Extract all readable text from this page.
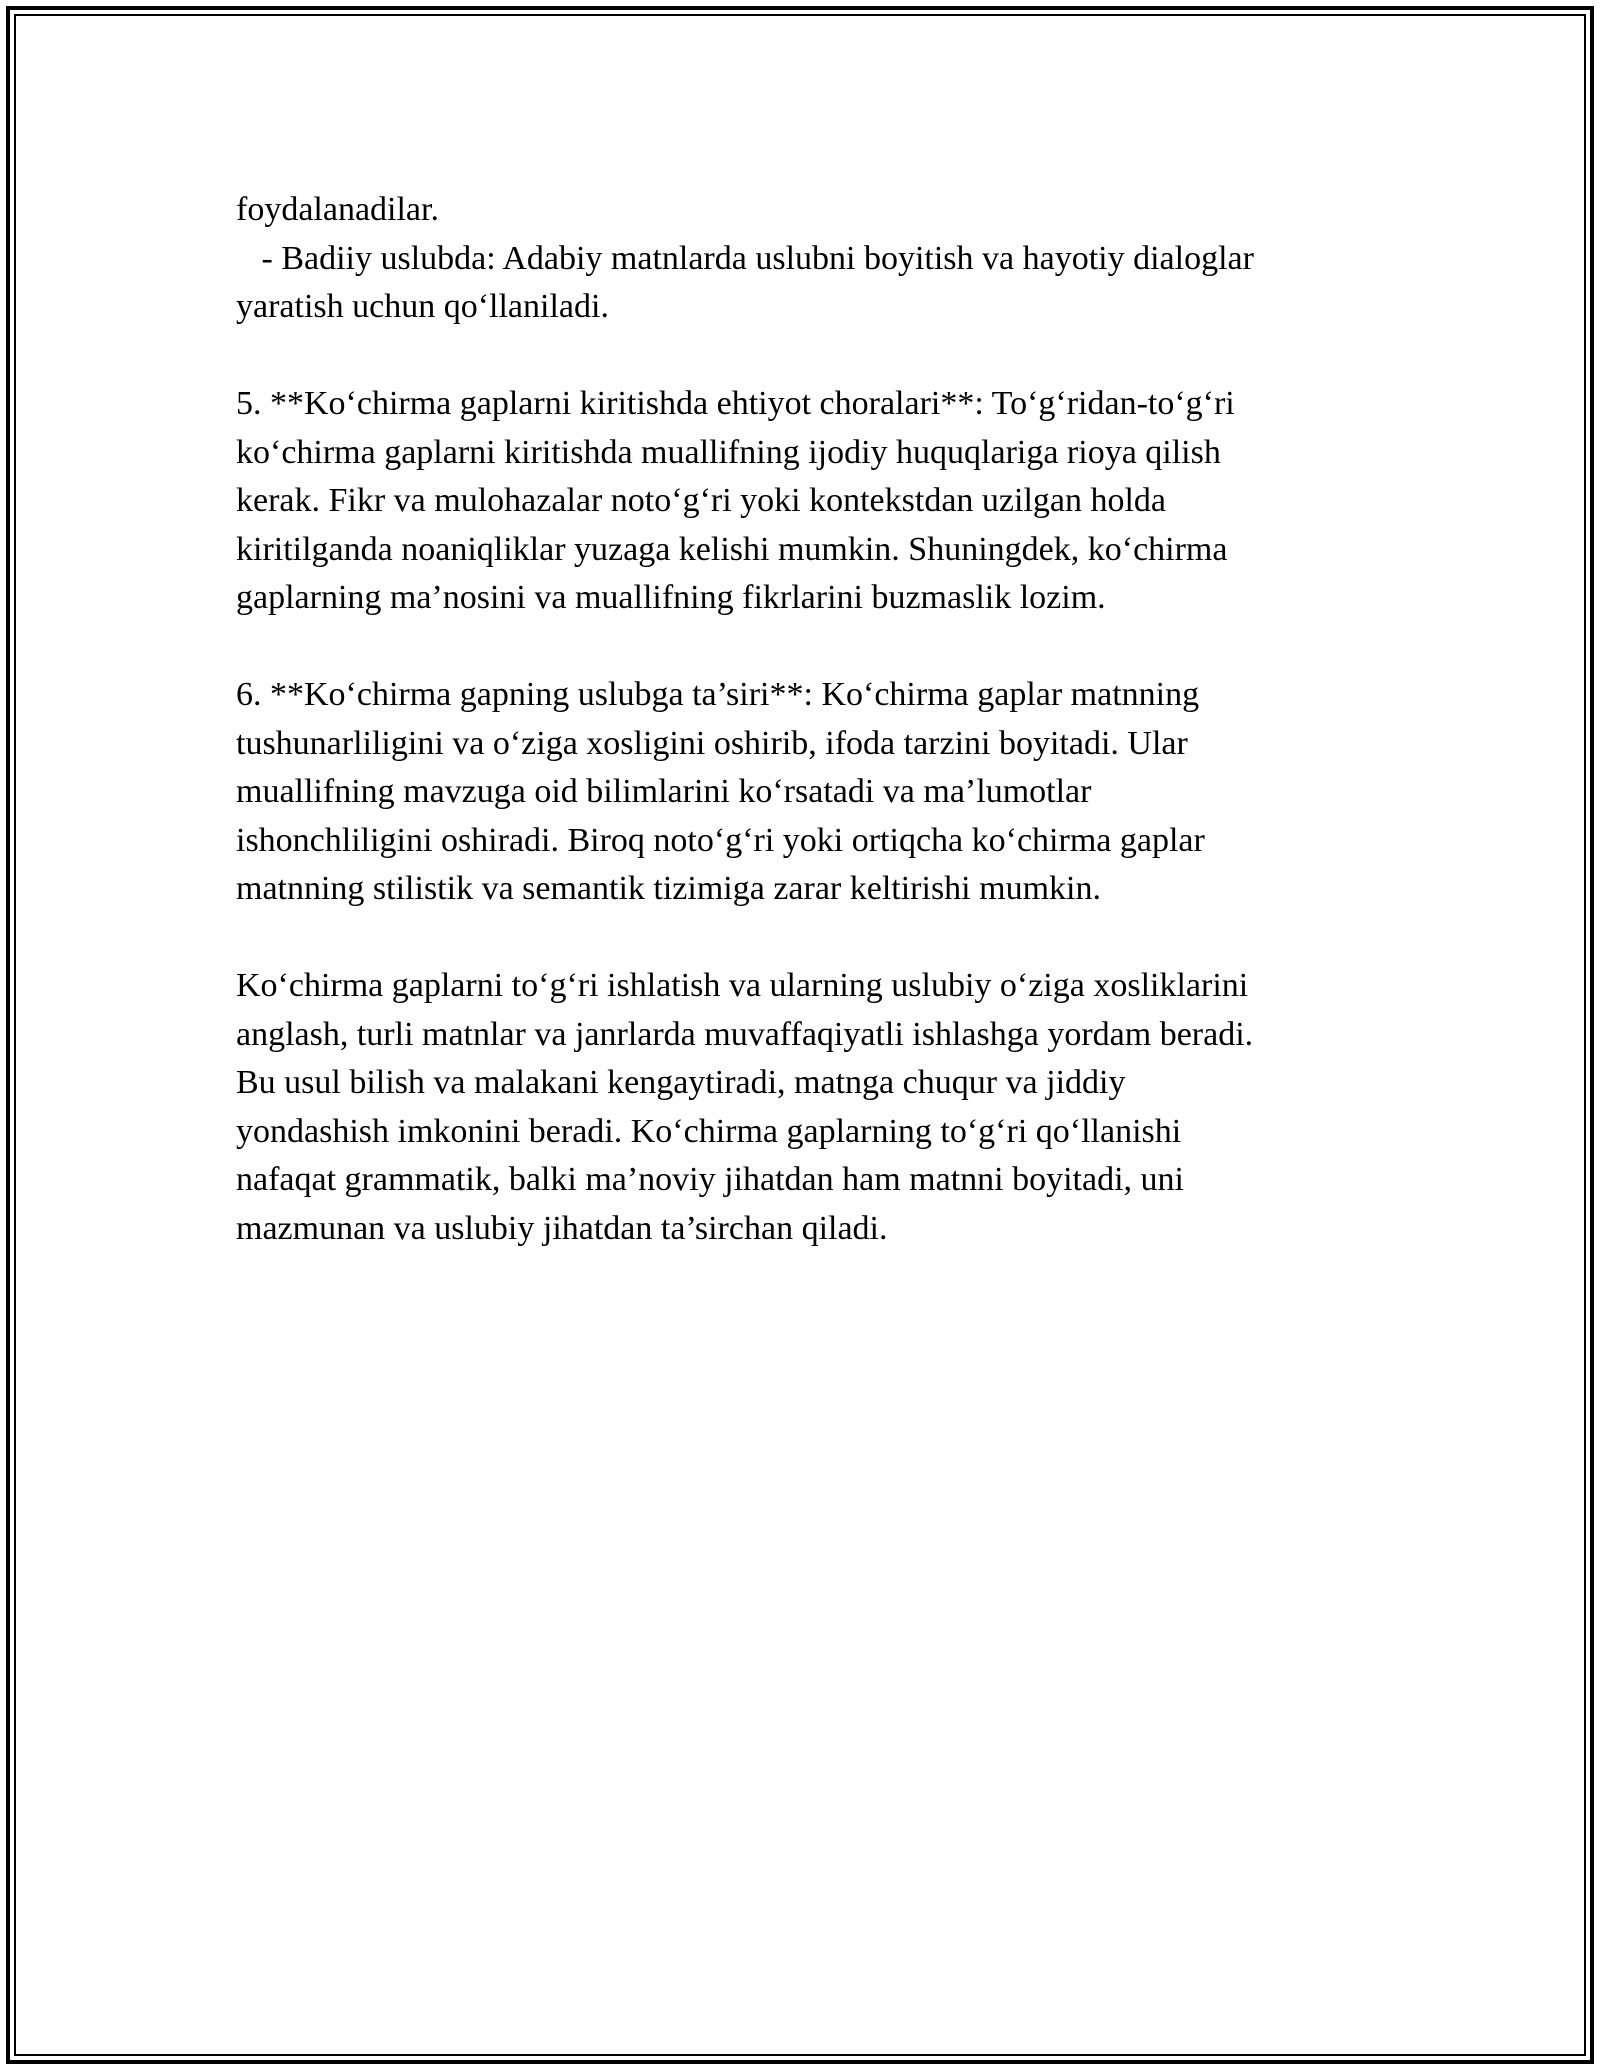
foydalanadilar.
- Badiiy uslubda: Adabiy matnlarda uslubni boyitish va hayotiy dialoglar
yaratish uchun qo‘llaniladi.

5. **Ko‘chirma gaplarni kiritishda ehtiyot choralari**: To‘g‘ridan-to‘g‘ri
ko‘chirma gaplarni kiritishda muallifning ijodiy huquqlariga rioya qilish
kerak. Fikr va mulohazalar noto‘g‘ri yoki kontekstdan uzilgan holda
kiritilganda noaniqliklar yuzaga kelishi mumkin. Shuningdek, ko‘chirma
gaplarning ma’nosini va muallifning fikrlarini buzmaslik lozim.

6. **Ko‘chirma gapning uslubga ta’siri**: Ko‘chirma gaplar matnning
tushunarliligini va o‘ziga xosligini oshirib, ifoda tarzini boyitadi. Ular
muallifning mavzuga oid bilimlarini ko‘rsatadi va ma’lumotlar
ishonchliligini oshiradi. Biroq noto‘g‘ri yoki ortiqcha ko‘chirma gaplar
matnning stilistik va semantik tizimiga zarar keltirishi mumkin.

Ko‘chirma gaplarni to‘g‘ri ishlatish va ularning uslubiy o‘ziga xosliklarini
anglash, turli matnlar va janrlarda muvaffaqiyatli ishlashga yordam beradi.
Bu usul bilish va malakani kengaytiradi, matnga chuqur va jiddiy
yondashish imkonini beradi. Ko‘chirma gaplarning to‘g‘ri qo‘llanishi
nafaqat grammatik, balki ma’noviy jihatdan ham matnni boyitadi, uni
mazmunan va uslubiy jihatdan ta’sirchan qiladi.
